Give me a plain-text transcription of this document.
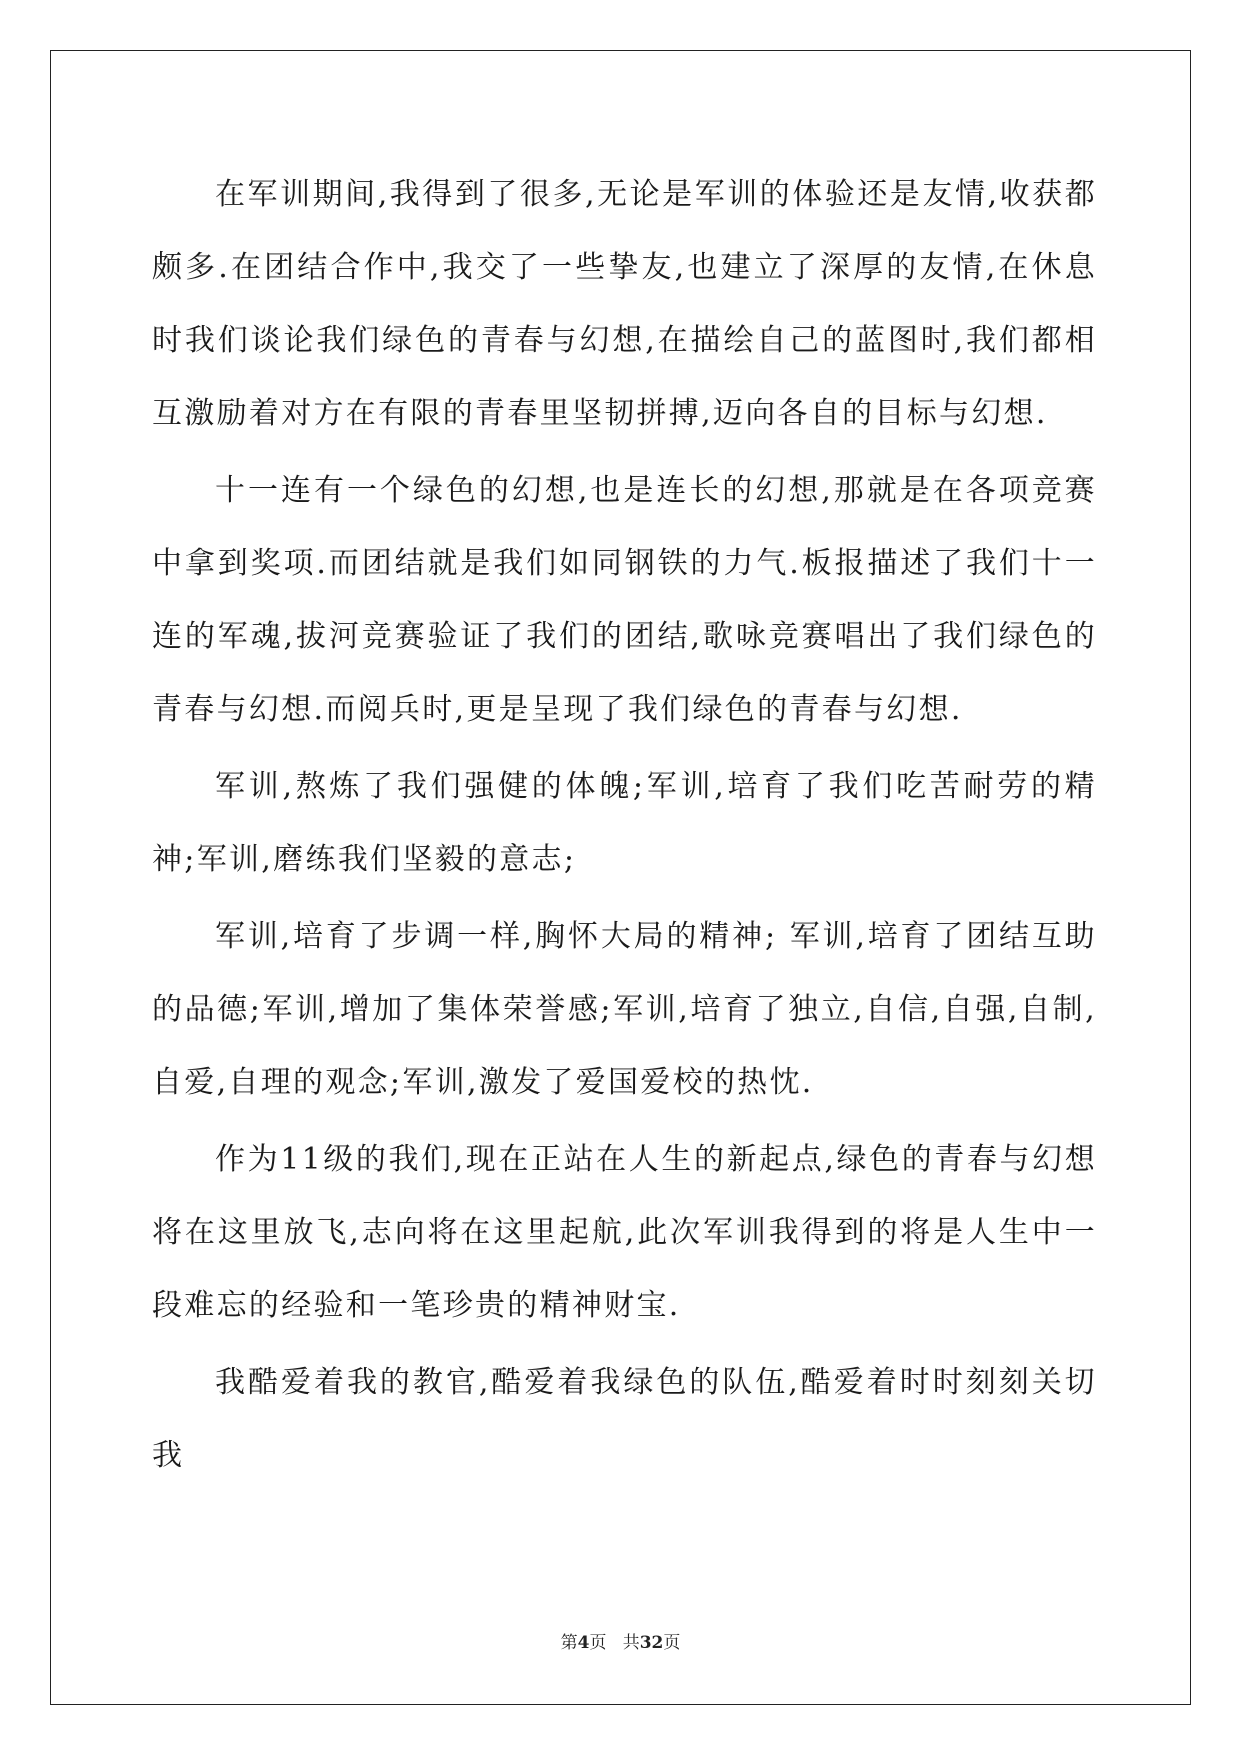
在军训期间,我得到了很多,无论是军训的体验还是友情,收获都颇多.在团结合作中,我交了一些挚友,也建立了深厚的友情,在休息时我们谈论我们绿色的青春与幻想,在描绘自己的蓝图时,我们都相互激励着对方在有限的青春里坚韧拼搏,迈向各自的目标与幻想.

十一连有一个绿色的幻想,也是连长的幻想,那就是在各项竞赛中拿到奖项.而团结就是我们如同钢铁的力气.板报描述了我们十一连的军魂,拔河竞赛验证了我们的团结,歌咏竞赛唱出了我们绿色的青春与幻想.而阅兵时,更是呈现了我们绿色的青春与幻想.

军训,熬炼了我们强健的体魄;军训,培育了我们吃苦耐劳的精神;军训,磨练我们坚毅的意志;

军训,培育了步调一样,胸怀大局的精神; 军训,培育了团结互助的品德;军训,增加了集体荣誉感;军训,培育了独立,自信,自强,自制,自爱,自理的观念;军训,激发了爱国爱校的热忱.

作为11级的我们,现在正站在人生的新起点,绿色的青春与幻想将在这里放飞,志向将在这里起航,此次军训我得到的将是人生中一段难忘的经验和一笔珍贵的精神财宝.

我酷爱着我的教官,酷爱着我绿色的队伍,酷爱着时时刻刻关切我

第4页 共32页
